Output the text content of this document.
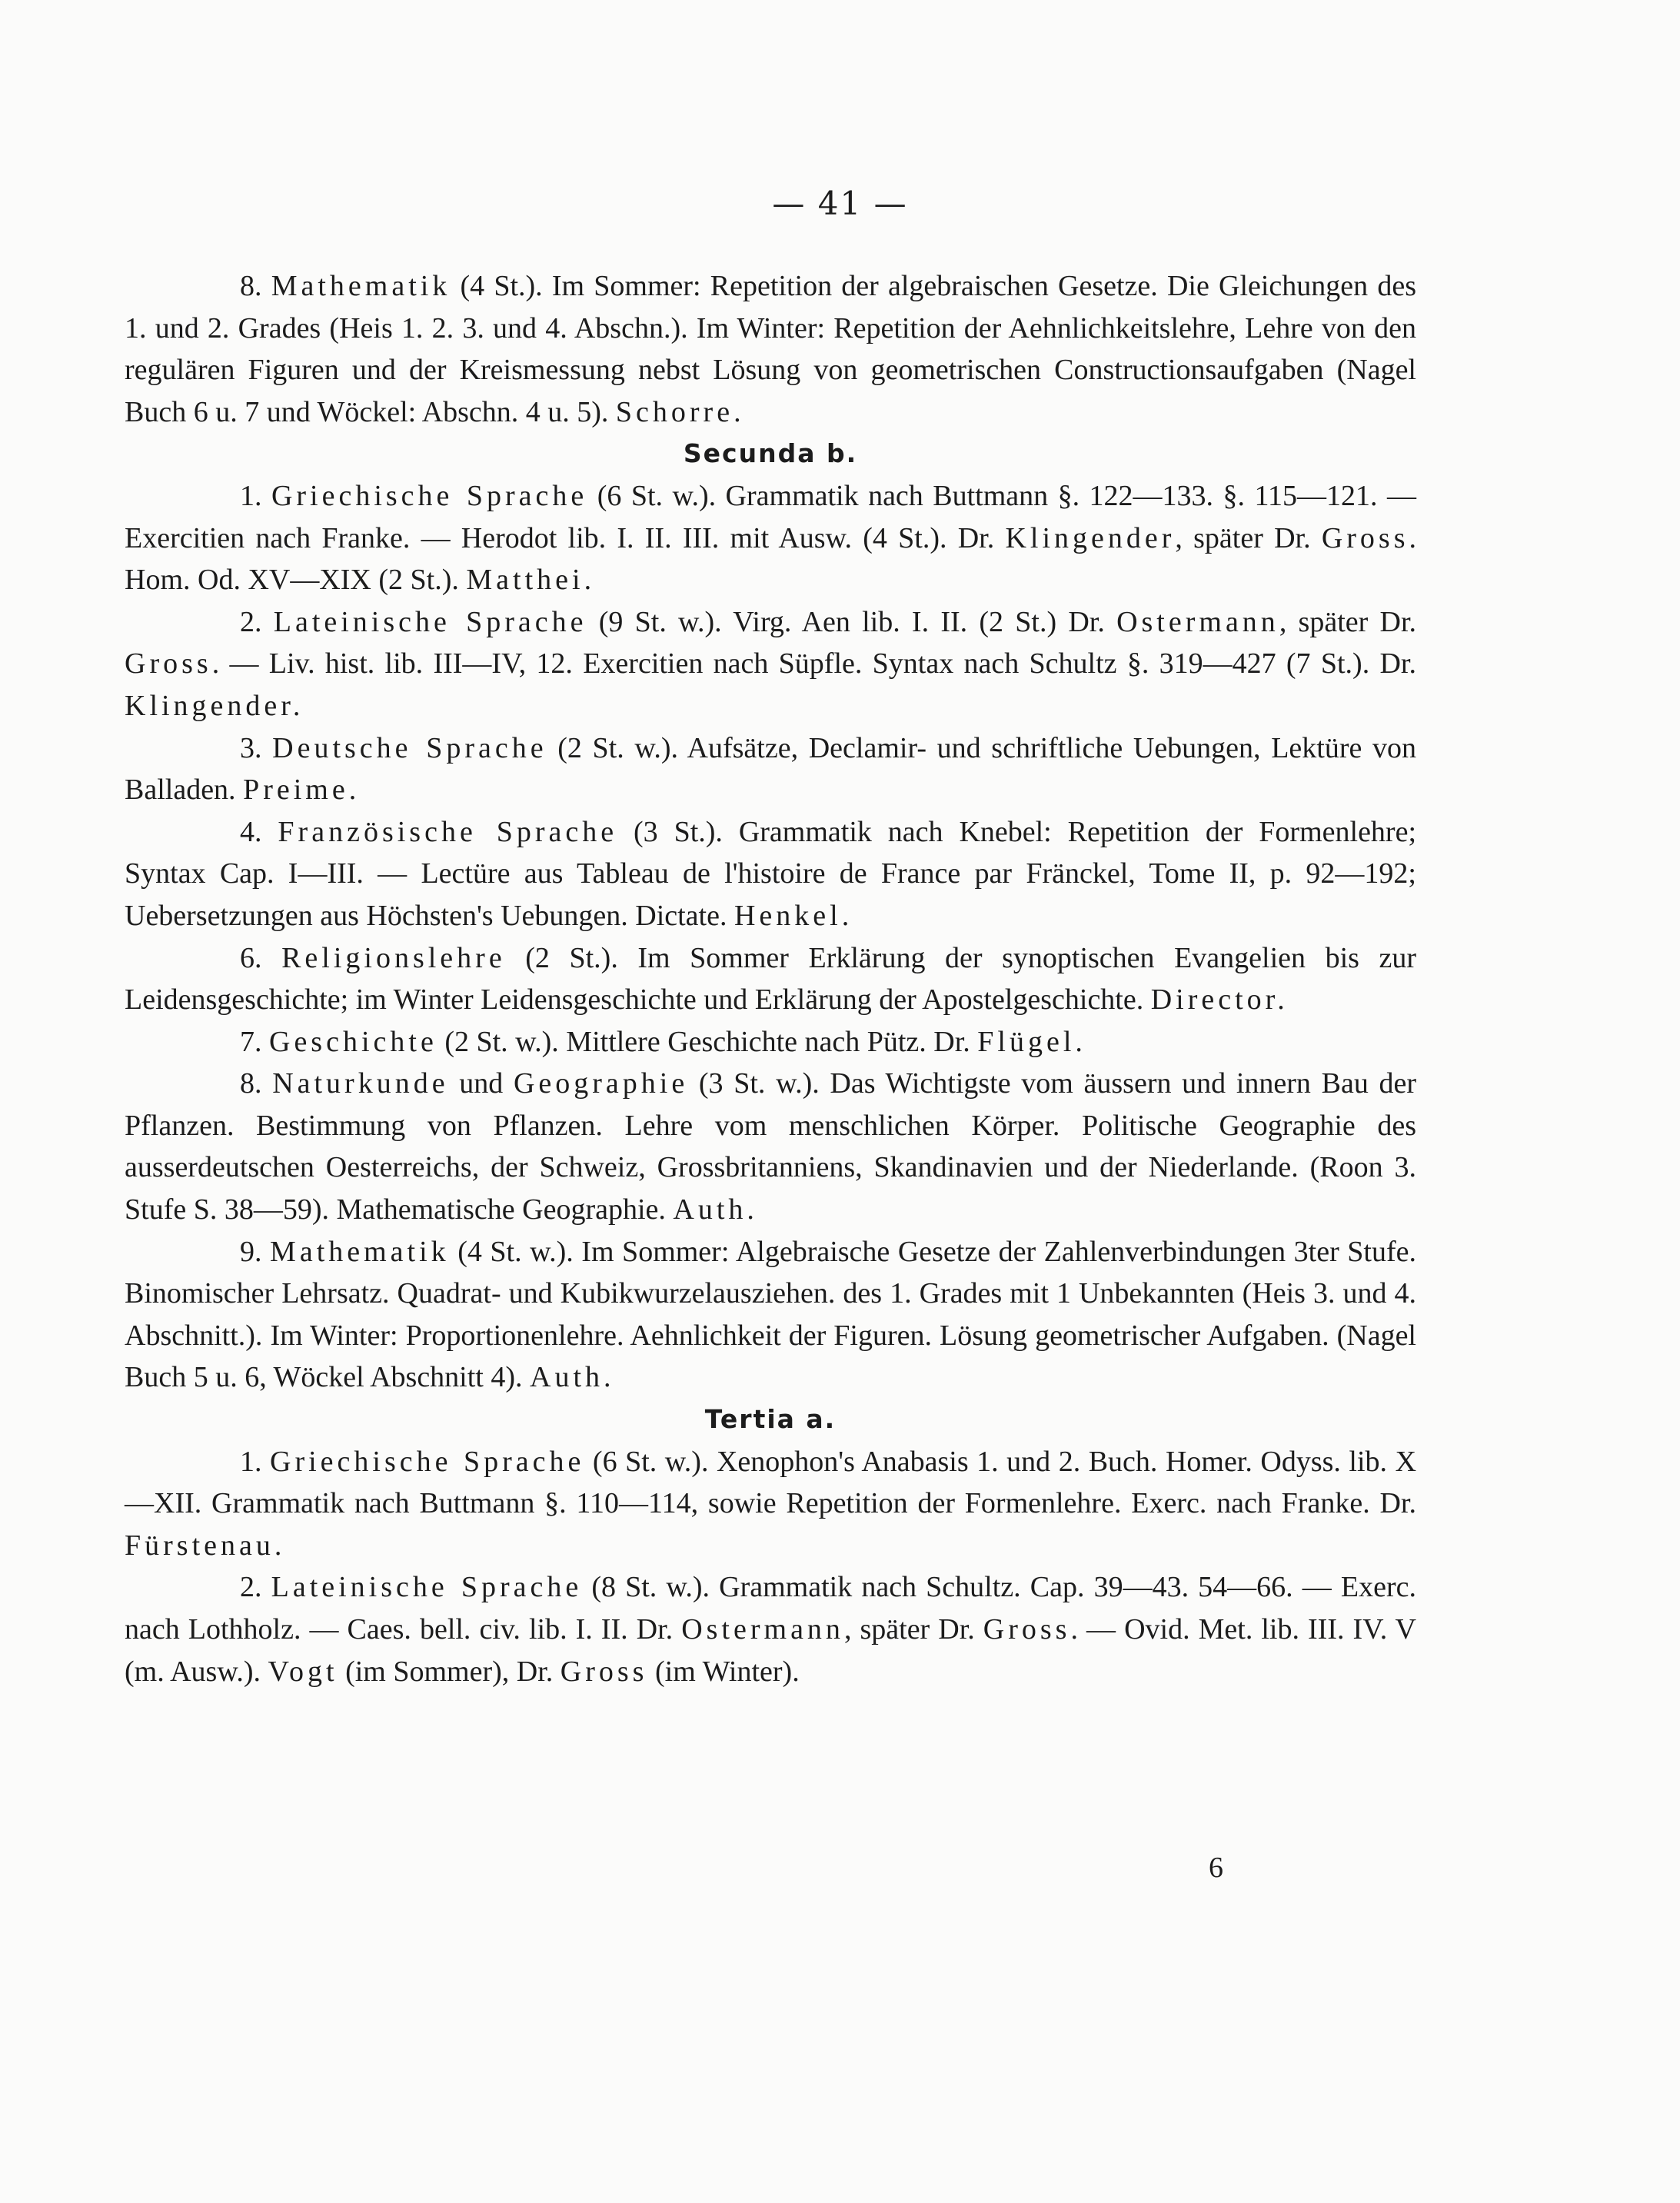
— 41 —

8. Mathematik (4 St.). Im Sommer: Repetition der algebraischen Gesetze. Die Gleichungen des 1. und 2. Grades (Heis 1. 2. 3. und 4. Abschn.). Im Winter: Repetition der Aehnlichkeitslehre, Lehre von den regulären Figuren und der Kreismessung nebst Lösung von geometrischen Constructionsaufgaben (Nagel Buch 6 u. 7 und Wöckel: Abschn. 4 u. 5). Schorre.

Secunda b.

1. Griechische Sprache (6 St. w.). Grammatik nach Buttmann §. 122—133. §. 115—121. — Exercitien nach Franke. — Herodot lib. I. II. III. mit Ausw. (4 St.). Dr. Klingender, später Dr. Gross. Hom. Od. XV—XIX (2 St.). Matthei.

2. Lateinische Sprache (9 St. w.). Virg. Aen lib. I. II. (2 St.) Dr. Ostermann, später Dr. Gross. — Liv. hist. lib. III—IV, 12. Exercitien nach Süpfle. Syntax nach Schultz §. 319—427 (7 St.). Dr. Klingender.

3. Deutsche Sprache (2 St. w.). Aufsätze, Declamir- und schriftliche Uebungen, Lektüre von Balladen. Preime.

4. Französische Sprache (3 St.). Grammatik nach Knebel: Repetition der Formenlehre; Syntax Cap. I—III. — Lectüre aus Tableau de l'histoire de France par Fränckel, Tome II, p. 92—192; Uebersetzungen aus Höchsten's Uebungen. Dictate. Henkel.

6. Religionslehre (2 St.). Im Sommer Erklärung der synoptischen Evangelien bis zur Leidensgeschichte; im Winter Leidensgeschichte und Erklärung der Apostelgeschichte. Director.

7. Geschichte (2 St. w.). Mittlere Geschichte nach Pütz. Dr. Flügel.

8. Naturkunde und Geographie (3 St. w.). Das Wichtigste vom äussern und innern Bau der Pflanzen. Bestimmung von Pflanzen. Lehre vom menschlichen Körper. Politische Geographie des ausserdeutschen Oesterreichs, der Schweiz, Grossbritanniens, Skandinavien und der Niederlande. (Roon 3. Stufe S. 38—59). Mathematische Geographie. Auth.

9. Mathematik (4 St. w.). Im Sommer: Algebraische Gesetze der Zahlenverbindungen 3ter Stufe. Binomischer Lehrsatz. Quadrat- und Kubikwurzelausziehen. des 1. Grades mit 1 Unbekannten (Heis 3. und 4. Abschnitt.). Im Winter: Proportionenlehre. Aehnlichkeit der Figuren. Lösung geometrischer Aufgaben. (Nagel Buch 5 u. 6, Wöckel Abschnitt 4). Auth.

Tertia a.

1. Griechische Sprache (6 St. w.). Xenophon's Anabasis 1. und 2. Buch. Homer. Odyss. lib. X—XII. Grammatik nach Buttmann §. 110—114, sowie Repetition der Formenlehre. Exerc. nach Franke. Dr. Fürstenau.

2. Lateinische Sprache (8 St. w.). Grammatik nach Schultz. Cap. 39—43. 54—66. — Exerc. nach Lothholz. — Caes. bell. civ. lib. I. II. Dr. Ostermann, später Dr. Gross. — Ovid. Met. lib. III. IV. V (m. Ausw.). Vogt (im Sommer), Dr. Gross (im Winter).

6
